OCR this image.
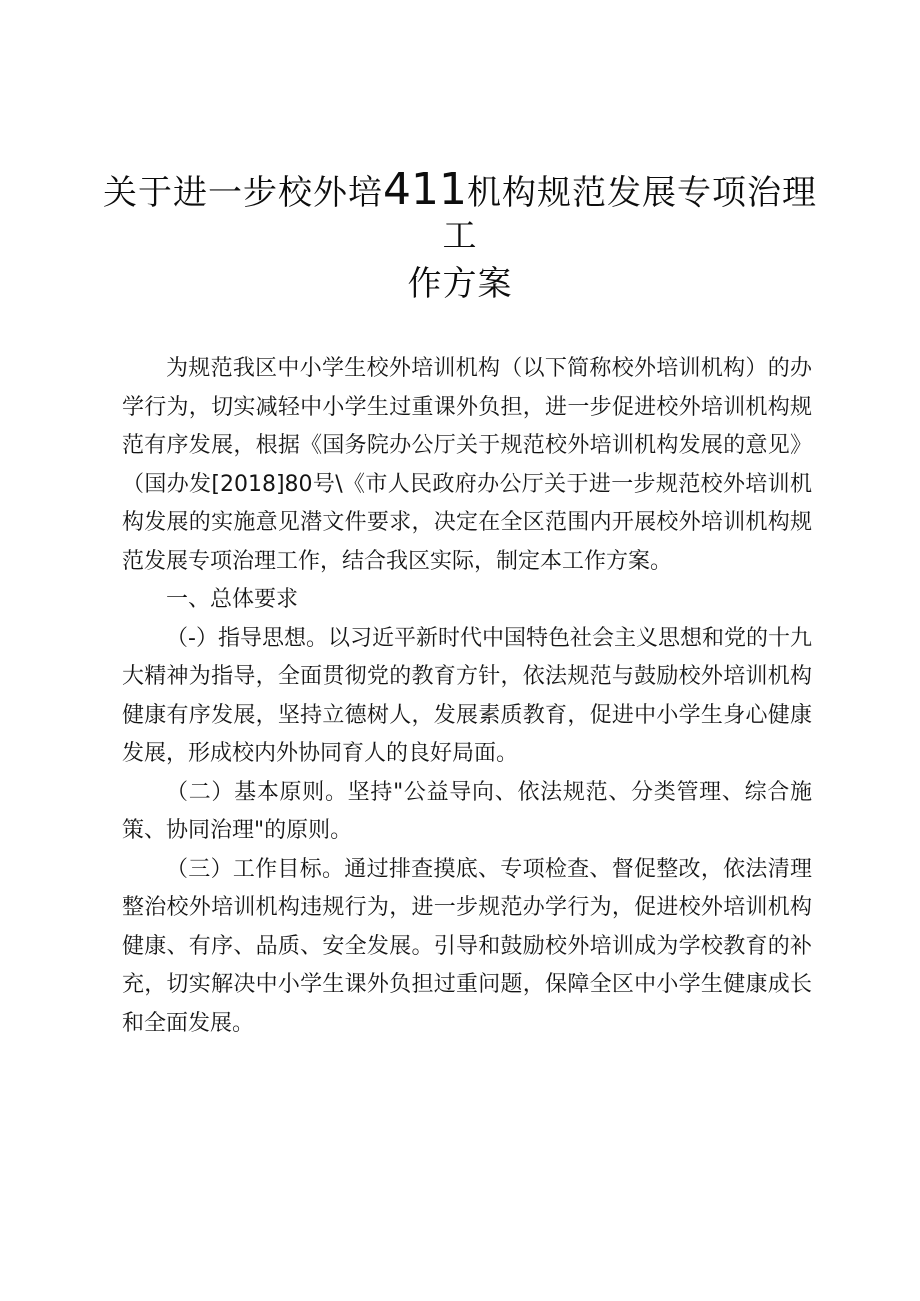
关于进一步校外培411机构规范发展专项治理
工
作方案

为规范我区中小学生校外培训机构（以下简称校外培训机构）的办学行为，切实减轻中小学生过重课外负担，进一步促进校外培训机构规范有序发展，根据《国务院办公厅关于规范校外培训机构发展的意见》（国办发[2018]80号\《市人民政府办公厅关于进一步规范校外培训机构发展的实施意见潜文件要求，决定在全区范围内开展校外培训机构规范发展专项治理工作，结合我区实际，制定本工作方案。

一、总体要求

（-）指导思想。以习近平新时代中国特色社会主义思想和党的十九大精神为指导，全面贯彻党的教育方针，依法规范与鼓励校外培训机构健康有序发展，坚持立德树人，发展素质教育，促进中小学生身心健康发展，形成校内外协同育人的良好局面。

（二）基本原则。坚持"公益导向、依法规范、分类管理、综合施策、协同治理"的原则。

（三）工作目标。通过排查摸底、专项检查、督促整改，依法清理整治校外培训机构违规行为，进一步规范办学行为，促进校外培训机构健康、有序、品质、安全发展。引导和鼓励校外培训成为学校教育的补充，切实解决中小学生课外负担过重问题，保障全区中小学生健康成长和全面发展。
